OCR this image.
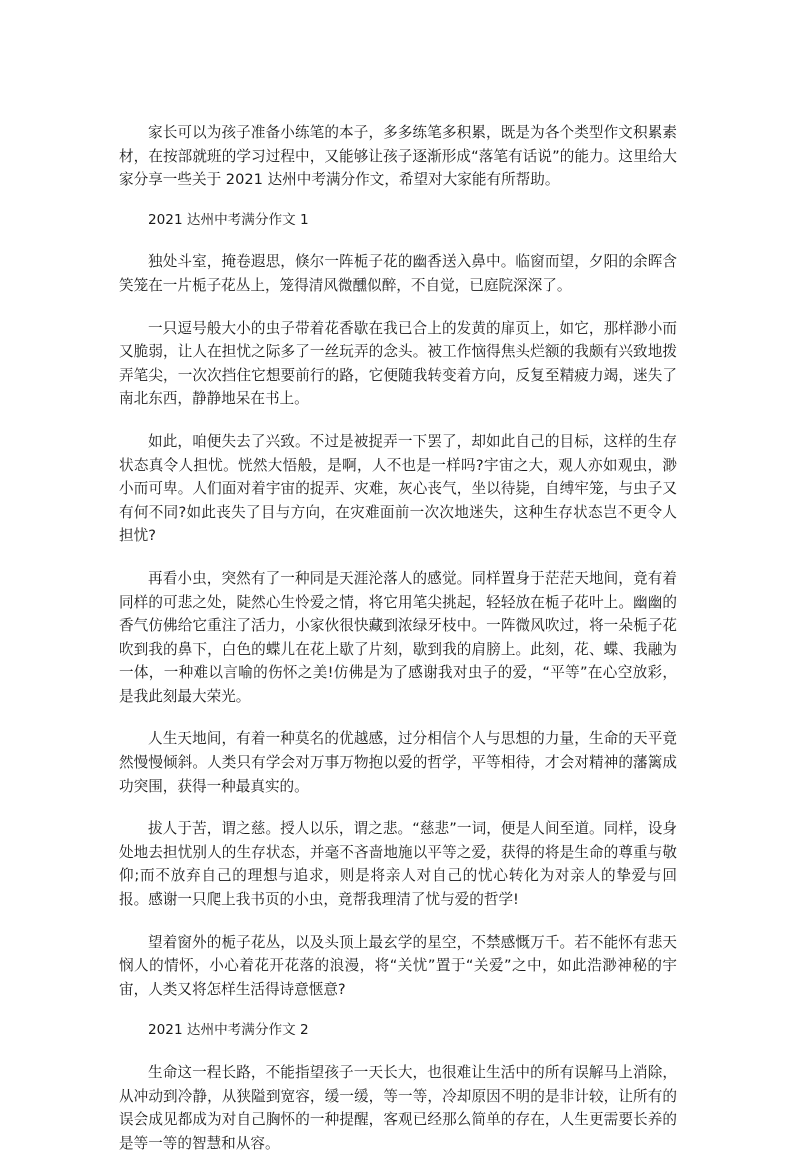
家长可以为孩子准备小练笔的本子，多多练笔多积累，既是为各个类型作文积累素材，在按部就班的学习过程中，又能够让孩子逐渐形成“落笔有话说”的能力。这里给大家分享一些关于 2021 达州中考满分作文，希望对大家能有所帮助。

2021 达州中考满分作文 1

独处斗室，掩卷遐思，倏尔一阵栀子花的幽香送入鼻中。临窗而望，夕阳的余晖含笑笼在一片栀子花丛上，笼得清风微醺似醉，不自觉，已庭院深深了。

一只逗号般大小的虫子带着花香歇在我已合上的发黄的扉页上，如它，那样渺小而又脆弱，让人在担忧之际多了一丝玩弄的念头。被工作恼得焦头烂额的我颇有兴致地拨弄笔尖，一次次挡住它想要前行的路，它便随我转变着方向，反复至精疲力竭，迷失了南北东西，静静地呆在书上。

如此，咱便失去了兴致。不过是被捉弄一下罢了，却如此自己的目标，这样的生存状态真令人担忧。恍然大悟般，是啊，人不也是一样吗?宇宙之大，观人亦如观虫，渺小而可卑。人们面对着宇宙的捉弄、灾难，灰心丧气，坐以待毙，自缚牢笼，与虫子又有何不同?如此丧失了目与方向，在灾难面前一次次地迷失，这种生存状态岂不更令人担忧?

再看小虫，突然有了一种同是天涯沦落人的感觉。同样置身于茫茫天地间，竟有着同样的可悲之处，陡然心生怜爱之情，将它用笔尖挑起，轻轻放在栀子花叶上。幽幽的香气仿佛给它重注了活力，小家伙很快藏到浓绿牙枝中。一阵微风吹过，将一朵栀子花吹到我的鼻下，白色的蝶儿在花上歇了片刻，歇到我的肩膀上。此刻，花、蝶、我融为一体，一种难以言喻的伤怀之美!仿佛是为了感谢我对虫子的爱，“平等”在心空放彩，是我此刻最大荣光。

人生天地间，有着一种莫名的优越感，过分相信个人与思想的力量，生命的天平竟然慢慢倾斜。人类只有学会对万事万物抱以爱的哲学，平等相待，才会对精神的藩篱成功突围，获得一种最真实的。

拔人于苦，谓之慈。授人以乐，谓之悲。“慈悲”一词，便是人间至道。同样，设身处地去担忧别人的生存状态，并毫不吝啬地施以平等之爱，获得的将是生命的尊重与敬仰;而不放弃自己的理想与追求，则是将亲人对自己的忧心转化为对亲人的挚爱与回报。感谢一只爬上我书页的小虫，竟帮我理清了忧与爱的哲学!

望着窗外的栀子花丛，以及头顶上最玄学的星空，不禁感慨万千。若不能怀有悲天悯人的情怀，小心着花开花落的浪漫，将“关忧”置于“关爱”之中，如此浩渺神秘的宇宙，人类又将怎样生活得诗意惬意?

2021 达州中考满分作文 2

生命这一程长路，不能指望孩子一天长大，也很难让生活中的所有误解马上消除，从冲动到冷静，从狭隘到宽容，缓一缓，等一等，冷却原因不明的是非计较，让所有的误会成见都成为对自己胸怀的一种提醒，客观已经那么简单的存在，人生更需要长养的是等一等的智慧和从容。
